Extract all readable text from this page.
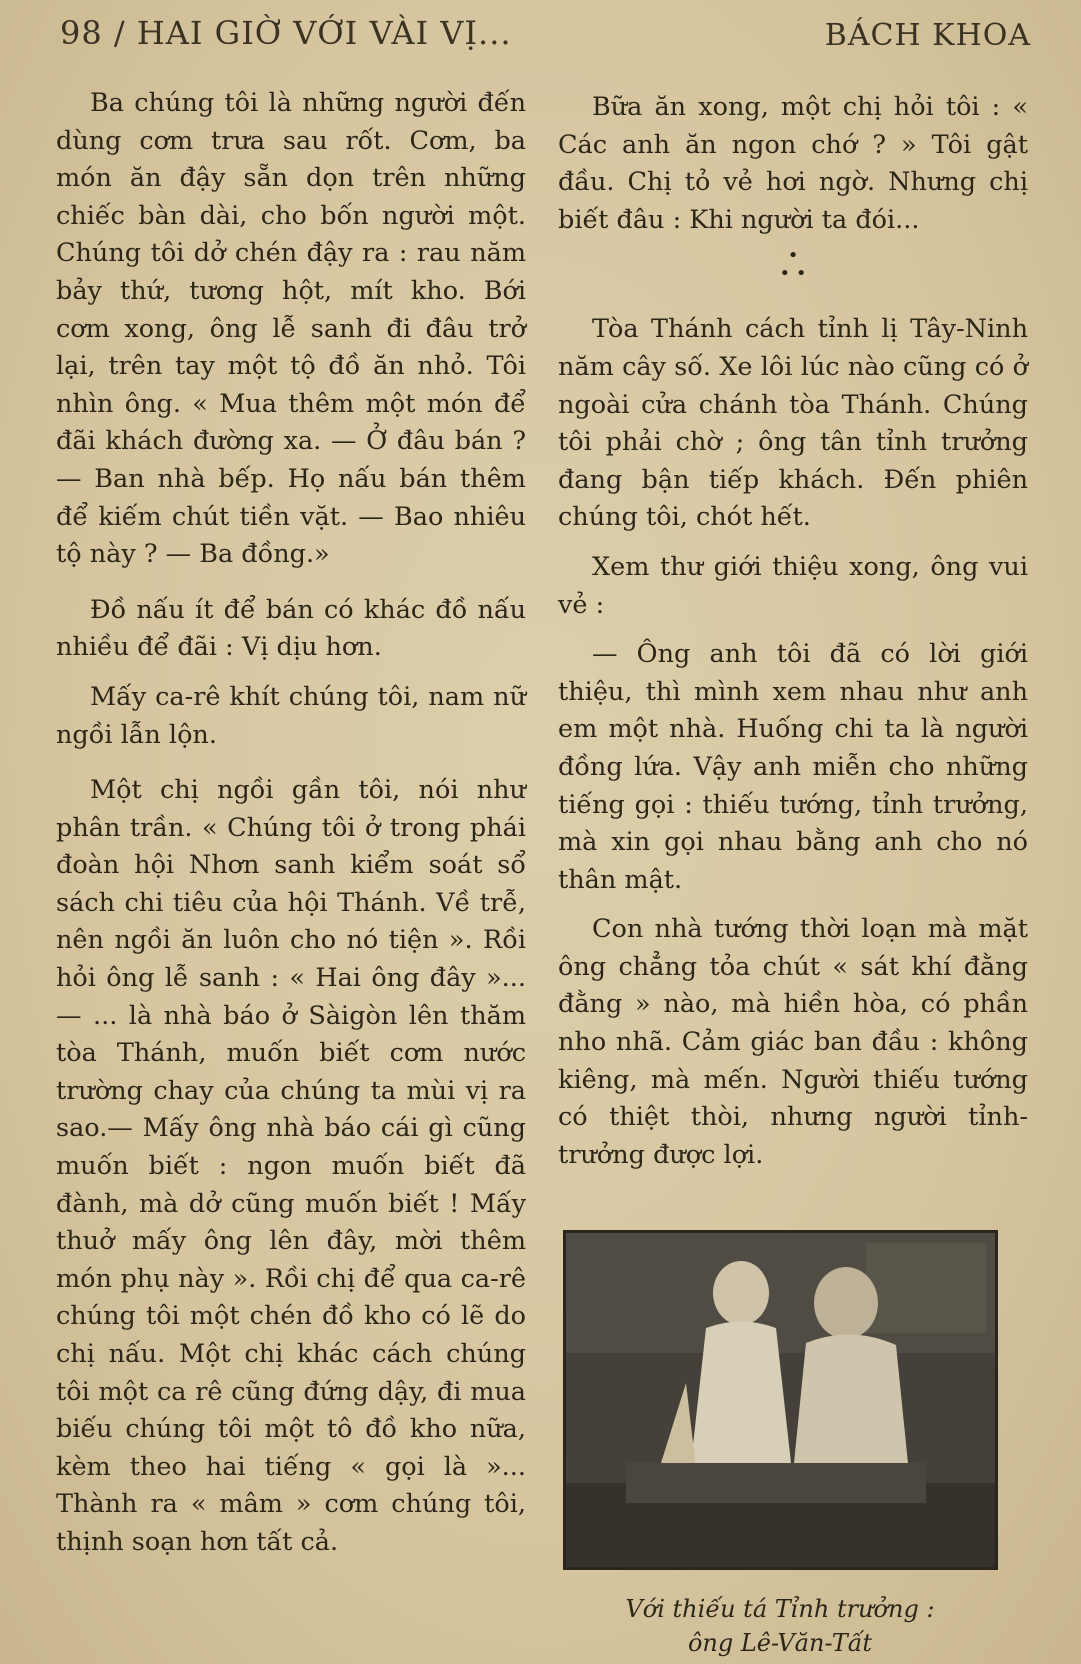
98 / HAI GIỜ VỚI VÀI VỊ...	BÁCH KHOA

Ba chúng tôi là những người đến dùng cơm trưa sau rốt. Cơm, ba món ăn đậy sẵn dọn trên những chiếc bàn dài, cho bốn người một. Chúng tôi dở chén đậy ra : rau năm bảy thứ, tương hột, mít kho. Bới cơm xong, ông lễ sanh đi đâu trở lại, trên tay một tộ đồ ăn nhỏ. Tôi nhìn ông. « Mua thêm một món để đãi khách đường xa. — Ở đâu bán ? — Ban nhà bếp. Họ nấu bán thêm để kiếm chút tiền vặt. — Bao nhiêu tộ này ? — Ba đồng.»

Đồ nấu ít để bán có khác đồ nấu nhiều để đãi : Vị dịu hơn.

Mấy ca-rê khít chúng tôi, nam nữ ngồi lẫn lộn.

Một chị ngồi gần tôi, nói như phân trần. « Chúng tôi ở trong phái đoàn hội Nhơn sanh kiểm soát sổ sách chi tiêu của hội Thánh. Về trễ, nên ngồi ăn luôn cho nó tiện ». Rồi hỏi ông lễ sanh : « Hai ông đây »... — ... là nhà báo ở Sàigòn lên thăm tòa Thánh, muốn biết cơm nước trường chay của chúng ta mùi vị ra sao.— Mấy ông nhà báo cái gì cũng muốn biết : ngon muốn biết đã đành, mà dở cũng muốn biết ! Mấy thuở mấy ông lên đây, mời thêm món phụ này ». Rồi chị để qua ca-rê chúng tôi một chén đồ kho có lẽ do chị nấu. Một chị khác cách chúng tôi một ca rê cũng đứng dậy, đi mua biếu chúng tôi một tô đồ kho nữa, kèm theo hai tiếng « gọi là »... Thành ra « mâm » cơm chúng tôi, thịnh soạn hơn tất cả.

Bữa ăn xong, một chị hỏi tôi : « Các anh ăn ngon chớ ? » Tôi gật đầu. Chị tỏ vẻ hơi ngờ. Nhưng chị biết đâu : Khi người ta đói...

•
• •

Tòa Thánh cách tỉnh lị Tây-Ninh năm cây số. Xe lôi lúc nào cũng có ở ngoài cửa chánh tòa Thánh. Chúng tôi phải chờ ; ông tân tỉnh trưởng đang bận tiếp khách. Đến phiên chúng tôi, chót hết.

Xem thư giới thiệu xong, ông vui vẻ :

— Ông anh tôi đã có lời giới thiệu, thì mình xem nhau như anh em một nhà. Huống chi ta là người đồng lứa. Vậy anh miễn cho những tiếng gọi : thiếu tướng, tỉnh trưởng, mà xin gọi nhau bằng anh cho nó thân mật.

Con nhà tướng thời loạn mà mặt ông chẳng tỏa chút « sát khí đằng đằng » nào, mà hiền hòa, có phần nho nhã. Cảm giác ban đầu : không kiêng, mà mến. Người thiếu tướng có thiệt thòi, nhưng người tỉnh-trưởng được lợi.

Với thiếu tá Tỉnh trưởng :
ông Lê-Văn-Tất
